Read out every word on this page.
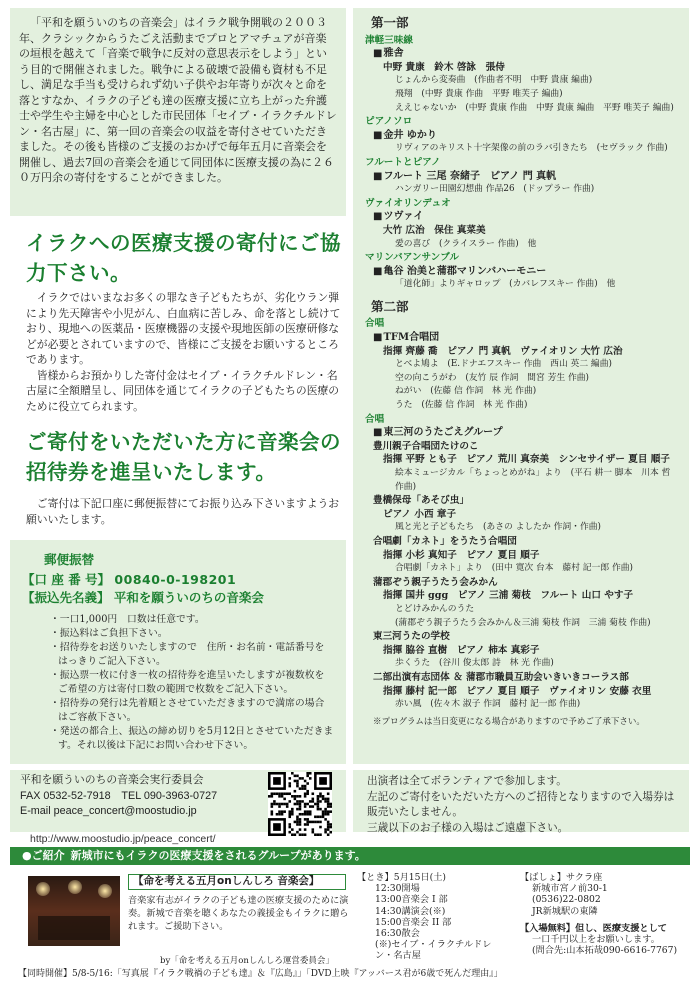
「平和を願ういのちの音楽会」はイラク戦争開戦の２００３年、クラシックからうたごえ活動までプロとアマチュアが音楽の垣根を越えて「音楽で戦争に反対の意思表示をしよう」という目的で開催されました。戦争による破壊で設備も資材も不足し、満足な手当も受けられず幼い子供やお年寄りが次々と命を落とすなか、イラクの子ども達の医療支援に立ち上がった弁護士や学生や主婦を中心とした市民団体「セイブ・イラクチルドレン・名古屋」に、第一回の音楽会の収益を寄付させていただきました。その後も皆様のご支援のおかげで毎年五月に音楽会を開催し、過去7回の音楽会を通じて同団体に医療支援の為に２６０万円余の寄付をすることができました。

イラクへの医療支援の寄付にご協力下さい。

イラクではいまなお多くの罪なき子どもたちが、劣化ウラン弾により先天障害や小児がん、白血病に苦しみ、命を落とし続けており、現地への医薬品・医療機器の支援や現地医師の医療研修などが必要とされていますので、皆様にご支援をお願いするところであります。

皆様からお預かりした寄付金はセイブ・イラクチルドレン・名古屋に全額贈呈し、同団体を通じてイラクの子どもたちの医療のために役立てられます。

ご寄付をいただいた方に音楽会の招待券を進呈いたします。

ご寄付は下記口座に郵便振替にてお振り込み下さいますようお願いいたします。

郵便振替
【口 座 番 号】 00840-0-198201
【振込先名義】 平和を願ういのちの音楽会
・ 一口1,000円　口数は任意です。
・ 振込料はご負担下さい。
・ 招待券をお送りいたしますので　住所・お名前・電話番号をはっきりご記入下さい。
・ 振込票一枚に付き一枚の招待券を進呈いたしますが複数枚をご希望の方は寄付口数の範囲で枚数をご記入下さい。
・ 招待券の発行は先着順とさせていただきますので満席の場合はご容赦下さい。
・ 発送の都合上、振込の締め切りを5月12日とさせていただきます。それ以後は下記にお問い合わせ下さい。
平和を願ういのちの音楽会実行委員会
FAX 0532-52-7918　TEL 090-3963-0727
E-mail peace_concert@moostudio.jp
http://www.moostudio.jp/peace_concert/
第一部
津軽三味線
■ 雅舎
中野 貴康　鈴木 啓詠　張侍
じょんから変奏曲　(作曲者不明　中野 貴康 編曲)
飛翔　(中野 貴康 作曲　平野 唯芙子 編曲)
ええじゃないか　(中野 貴康 作曲　中野 貴康 編曲　平野 唯芙子 編曲)
ピアノソロ
■ 金井 ゆかり
リヴィアのキリスト十字架像の前のラバ引きたち　(セヴラック 作曲)
フルートとピアノ
■ フルート 三尾 奈緒子　ピアノ 門 真帆
ハンガリー田園幻想曲 作品26　(ドップラー 作曲)
ヴァイオリンデュオ
■ ツヴァイ
大竹 広治　保住 真菜美
愛の喜び　(クライスラー 作曲)　他
マリンバアンサンブル
■ 亀谷 治美と蒲郡マリンバハーモニー
「道化師」よりギャロップ　(カバレフスキー 作曲)　他
第二部
合唱
■ TFM合唱団
指揮 齊藤 喬　ピアノ 門 真帆　ヴァイオリン 大竹 広治
とべよ鳩よ　(E.ドナエフスキー 作曲　西山 英二 編曲)
空の向こうがわ　(友竹 辰 作詞　間宮 芳生 作曲)
ねがい　(佐藤 信 作詞　林 光 作曲)
うた　(佐藤 信 作詞　林 光 作曲)
合唱
■ 東三河のうたごえグループ
豊川親子合唱団たけのこ
指揮 平野 とも子　ピアノ 荒川 真奈美　シンセサイザー 夏目 順子
絵本ミュージカル「ちょっとめがね」より　(平石 耕一 脚本　川本 哲 作曲)
豊橋保母「あそび虫」
ピアノ 小西 章子
風と光と子どもたち　(あさの よしたか 作詞・作曲)
合唱劇「カネト」をうたう合唱団
指揮 小杉 真知子　ピアノ 夏目 順子
合唱劇「カネト」より　(田中 寛次 台本　藤村 記一郎 作曲)
蒲郡ぞう親子うたう会みかん
指揮 国井 ggg　ピアノ 三浦 菊枝　フルート 山口 やす子
とどけみかんのうた
(蒲郡ぞう親子うたう会みかん＆三浦 菊枝 作詞　三浦 菊枝 作曲)
東三河うたの学校
指揮 脇谷 直樹　ピアノ 柿本 真彩子
歩くうた　(谷川 俊太郎 詩　林 光 作曲)
二部出演有志団体 ＆ 蒲郡市職員互助会いきいきコーラス部
指揮 藤村 記一郎　ピアノ 夏目 順子　ヴァイオリン 安藤 衣里
赤い風　(佐々木 淑子 作詞　藤村 記一郎 作曲)
※プログラムは当日変更になる場合がありますので予めご了承下さい。
出演者は全てボランティアで参加します。
左記のご寄付をいただいた方へのご招待となりますので入場券は販売いたしません。
三歳以下のお子様の入場はご遠慮下さい。
●ご紹介 新城市にもイラクの医療支援をされるグループがあります。
【命を考える五月onしんしろ 音楽会】
音楽家有志がイラクの子ども達の医療支援のために演奏。新城で音楽を聴くあなたの義援金もイラクに贈られます。ご援助下さい。
by「命を考える五月onしんしろ運営委員会」
【とき】5月15日(土)
12:30開場
13:00音楽会 I 部
14:30講演会(※)
15:00音楽会 II 部
16:30散会
(※)セイブ・イラクチルドレン・名古屋
【ばしょ】サクラ座
新城市宮ノ前30-1
(0536)22-0802
JR新城駅の東隣
【入場無料】但し、医療支援として
一口千円以上をお願いします。
(問合先:山本拓哉090-6616-7767)
【同時開催】5/8-5/16:「写真展『イラク戦禍の子ども達』＆『広島』」「DVD上映『アッバース君が6歳で死んだ理由』」
